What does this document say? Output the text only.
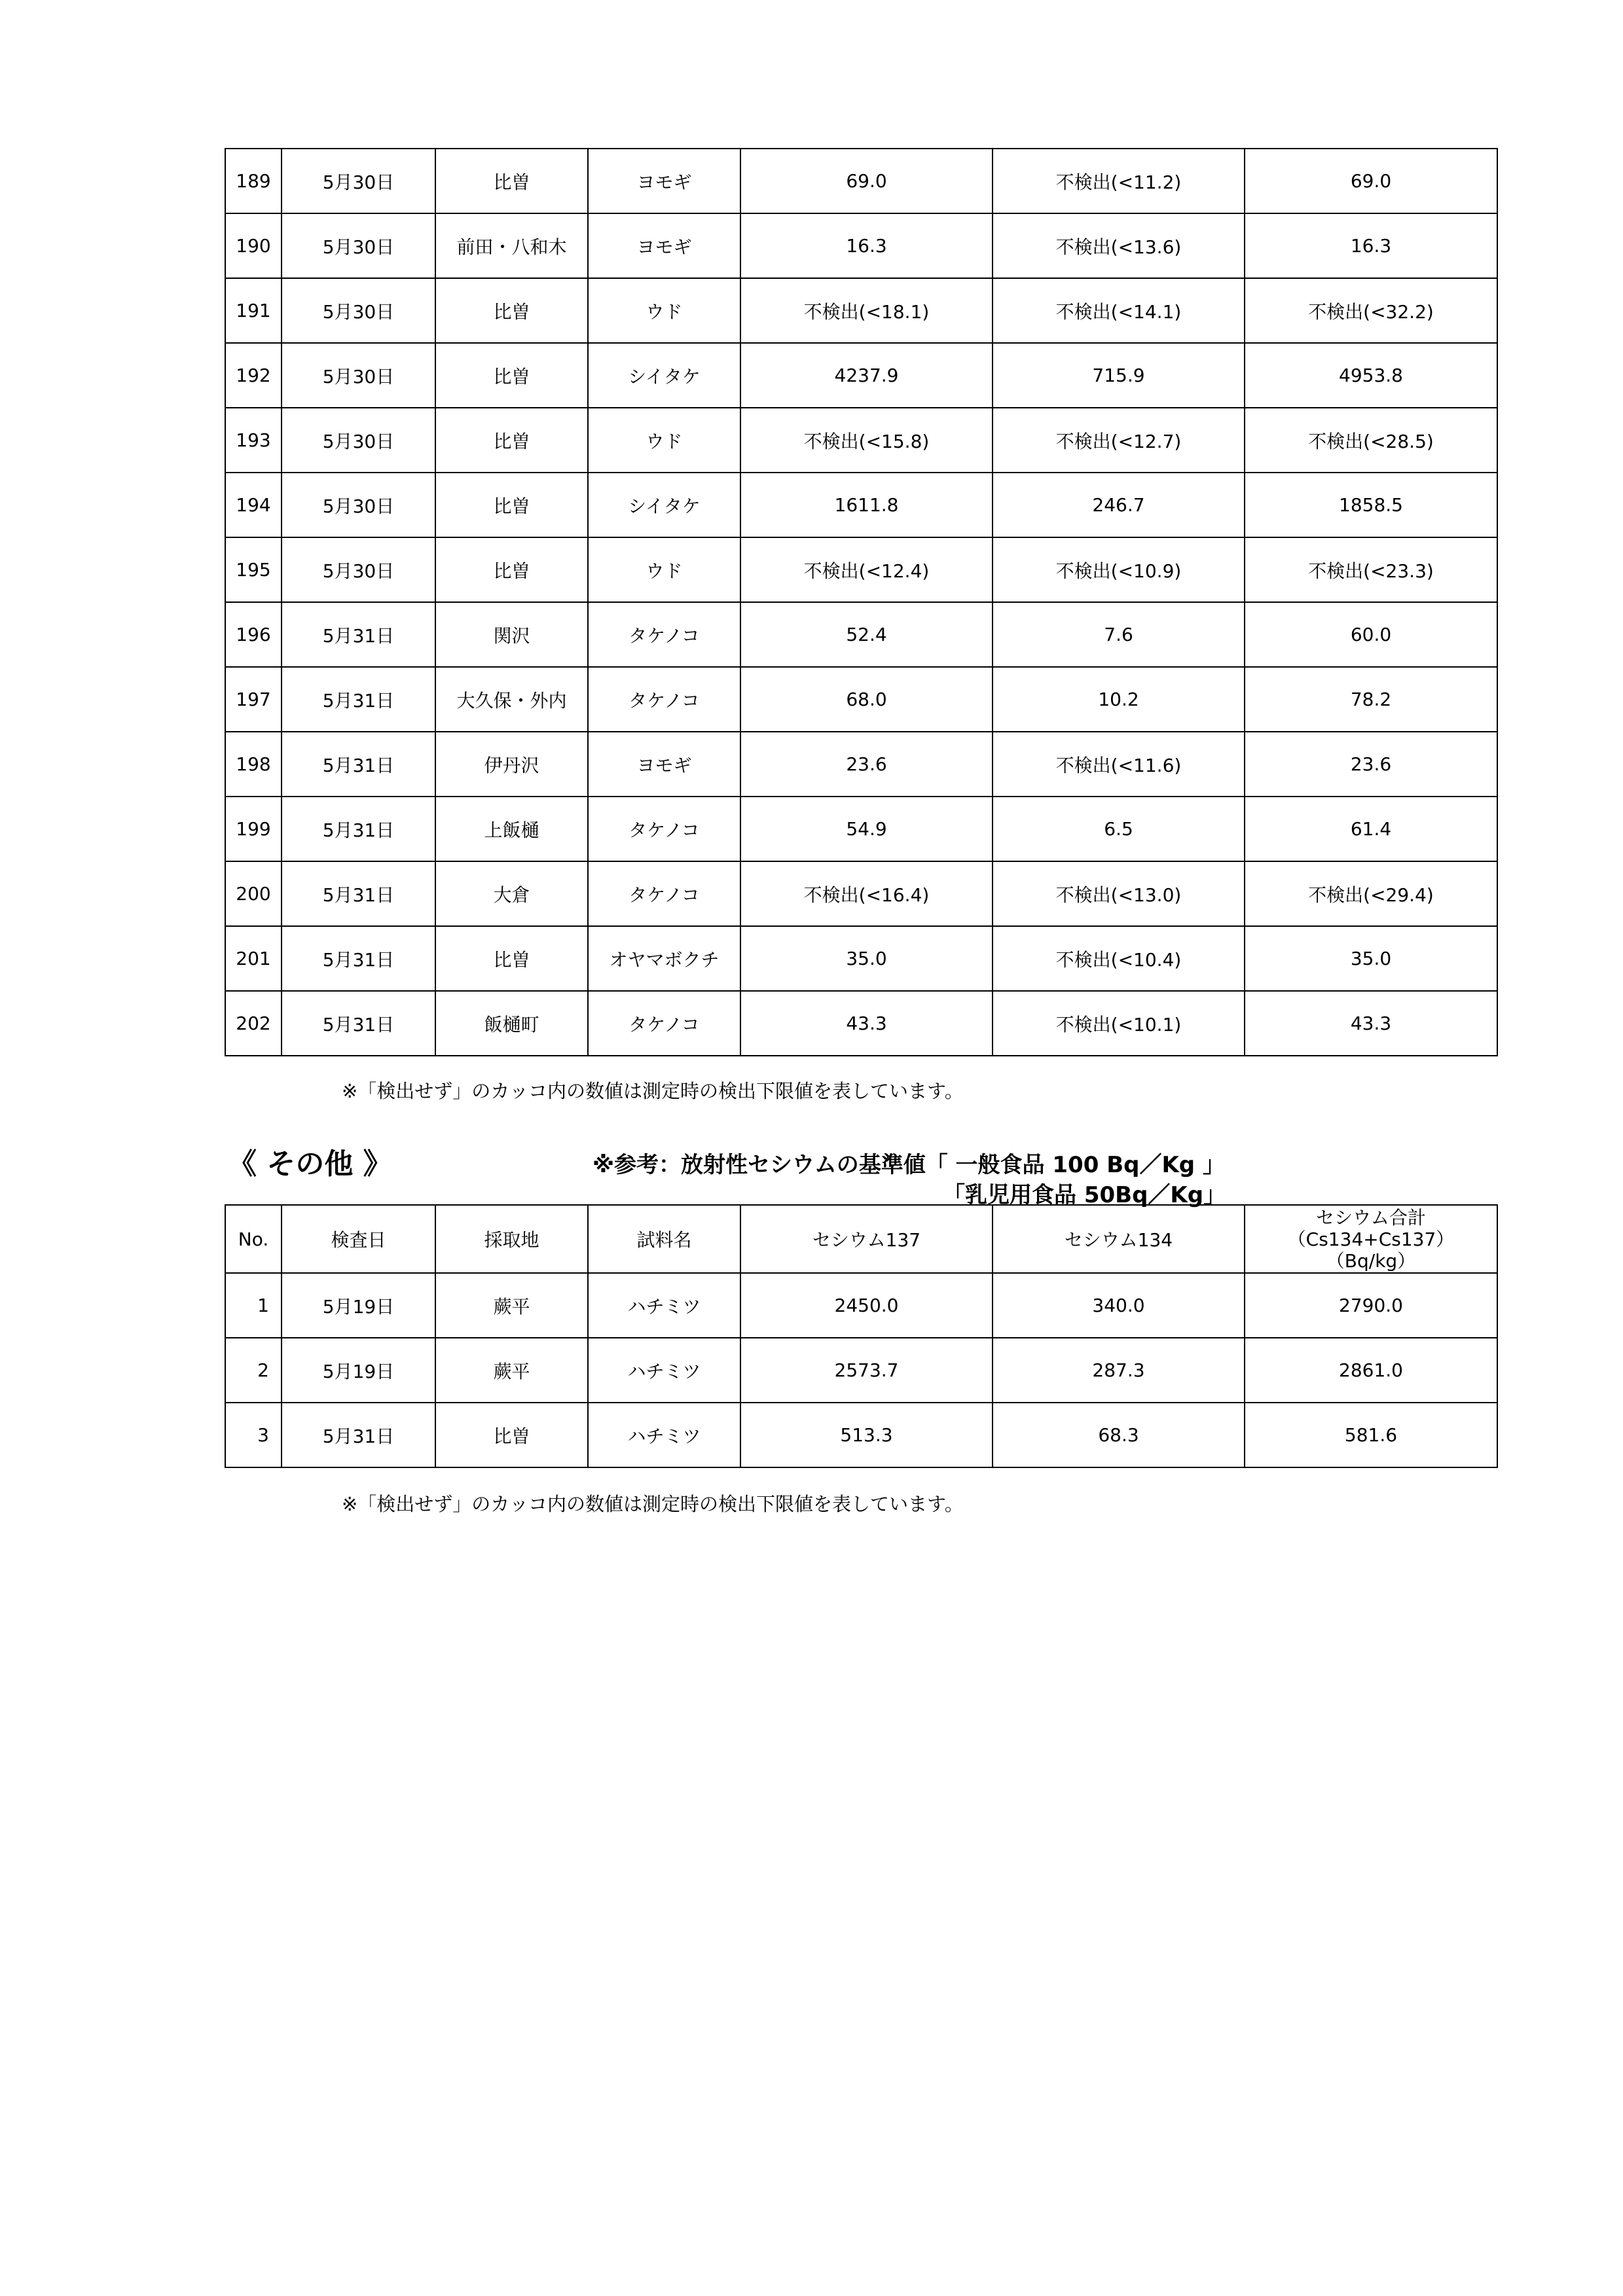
189	5月30日	比曽	ヨモギ	69.0	不検出(<11.2)	69.0
190	5月30日	前田・八和木	ヨモギ	16.3	不検出(<13.6)	16.3
191	5月30日	比曽	ウド	不検出(<18.1)	不検出(<14.1)	不検出(<32.2)
192	5月30日	比曽	シイタケ	4237.9	715.9	4953.8
193	5月30日	比曽	ウド	不検出(<15.8)	不検出(<12.7)	不検出(<28.5)
194	5月30日	比曽	シイタケ	1611.8	246.7	1858.5
195	5月30日	比曽	ウド	不検出(<12.4)	不検出(<10.9)	不検出(<23.3)
196	5月31日	関沢	タケノコ	52.4	7.6	60.0
197	5月31日	大久保・外内	タケノコ	68.0	10.2	78.2
198	5月31日	伊丹沢	ヨモギ	23.6	不検出(<11.6)	23.6
199	5月31日	上飯樋	タケノコ	54.9	6.5	61.4
200	5月31日	大倉	タケノコ	不検出(<16.4)	不検出(<13.0)	不検出(<29.4)
201	5月31日	比曽	オヤマボクチ	35.0	不検出(<10.4)	35.0
202	5月31日	飯樋町	タケノコ	43.3	不検出(<10.1)	43.3
※「検出せず」のカッコ内の数値は測定時の検出下限値を表しています。
《 その他 》	※参考：放射性セシウムの基準値「 一般食品 100 Bq／Kg 」
「乳児用食品 50Bq／Kg」
No.	検査日	採取地	試料名	セシウム137	セシウム134	セシウム合計
（Cs134+Cs137）
（Bq/kg）

1	5月19日	蕨平	ハチミツ	2450.0	340.0	2790.0
2	5月19日	蕨平	ハチミツ	2573.7	287.3	2861.0
3	5月31日	比曽	ハチミツ	513.3	68.3	581.6
※「検出せず」のカッコ内の数値は測定時の検出下限値を表しています。
